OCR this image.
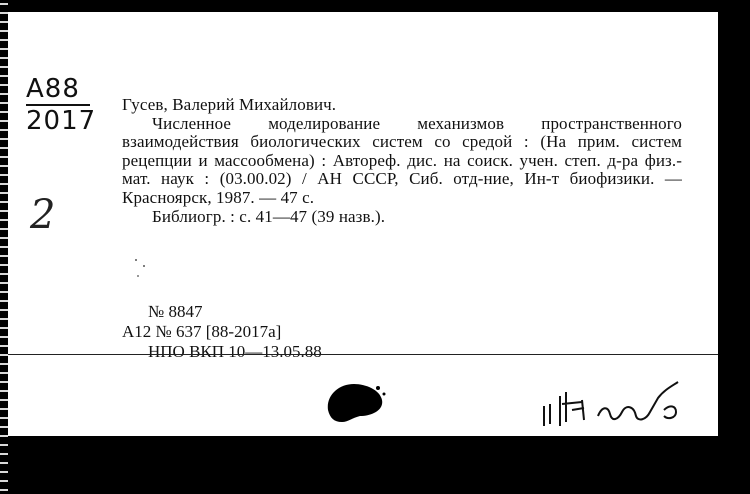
A88
2017
2

Гусев, Валерий Михайлович.

Численное моделирование механизмов пространственного взаимодействия биологических систем со средой : (На прим. систем рецепции и массообмена) : Автореф. дис. на соиск. учен. степ. д-ра физ.-мат. наук : (03.00.02) / АН СССР, Сиб. отд-ние, Ин-т биофизики. — Красноярск, 1987. — 47 с.

Библиогр. : с. 41—47 (39 назв.).

№ 8847
А12 № 637 [88-2017а]
НПО ВКП 10—13.05.88
